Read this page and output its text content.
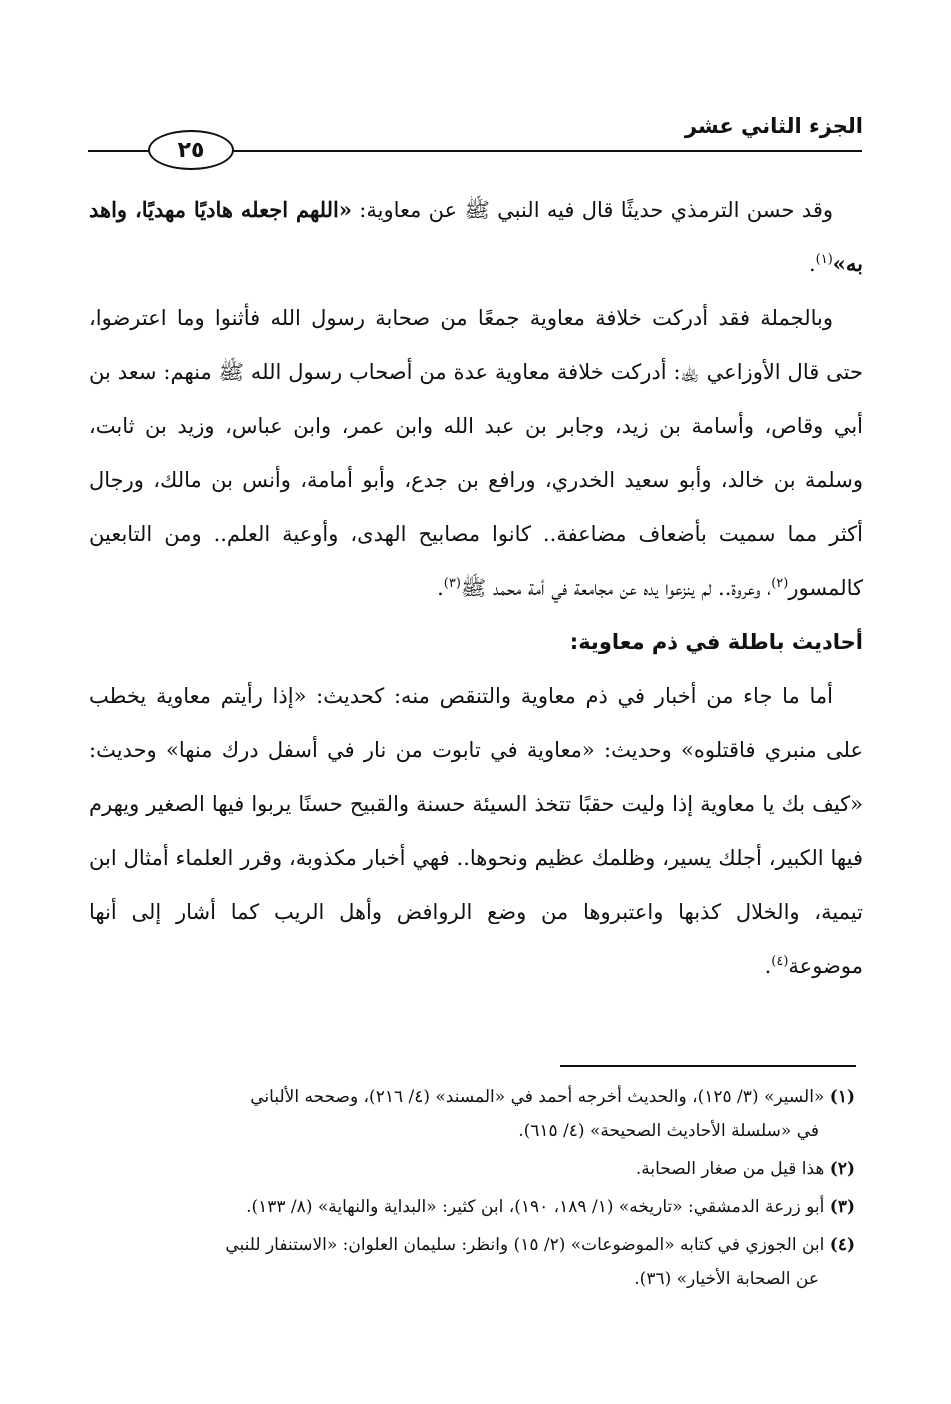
الجزء الثاني عشر
٢٥

وقد حسن الترمذي حديثًا قال فيه النبي ﷺ عن معاوية: «اللهم اجعله هاديًا مهديًا، واهد به»$^{(١)}$.

وبالجملة فقد أدركت خلافة معاوية جمعًا من صحابة رسول الله فأثنوا وما اعترضوا، حتى قال الأوزاعي ﵀: أدركت خلافة معاوية عدة من أصحاب رسول الله ﷺ منهم: سعد بن أبي وقاص، وأسامة بن زيد، وجابر بن عبد الله وابن عمر، وابن عباس، وزيد بن ثابت، وسلمة بن خالد، وأبو سعيد الخدري، ورافع بن جدع، وأبو أمامة، وأنس بن مالك، ورجال أكثر مما سميت بأضعاف مضاعفة.. كانوا مصابيح الهدى، وأوعية العلم.. ومن التابعين كالمسور$^{(٢)}$، وعروة.. لم ينزعوا يده عن مجامعة في أمة محمد ﷺ$^{(٣)}$.

أحاديث باطلة في ذم معاوية:

أما ما جاء من أخبار في ذم معاوية والتنقص منه: كحديث: «إذا رأيتم معاوية يخطب على منبري فاقتلوه» وحديث: «معاوية في تابوت من نار في أسفل درك منها» وحديث: «كيف بك يا معاوية إذا وليت حقبًا تتخذ السيئة حسنة والقبيح حسنًا يربوا فيها الصغير ويهرم فيها الكبير، أجلك يسير، وظلمك عظيم ونحوها.. فهي أخبار مكذوبة، وقرر العلماء أمثال ابن تيمية، والخلال كذبها واعتبروها من وضع الروافض وأهل الريب كما أشار إلى أنها موضوعة$^{(٤)}$.

(١) «السير» (٣/ ١٢٥)، والحديث أخرجه أحمد في «المسند» (٤/ ٢١٦)، وصححه الألباني
في «سلسلة الأحاديث الصحيحة» (٤/ ٦١٥).

(٢) هذا قيل من صغار الصحابة.

(٣) أبو زرعة الدمشقي: «تاريخه» (١/ ١٨٩، ١٩٠)، ابن كثير: «البداية والنهاية» (٨/ ١٣٣).

(٤) ابن الجوزي في كتابه «الموضوعات» (٢/ ١٥) وانظر: سليمان العلوان: «الاستنفار للنبي
عن الصحابة الأخيار» (٣٦).
